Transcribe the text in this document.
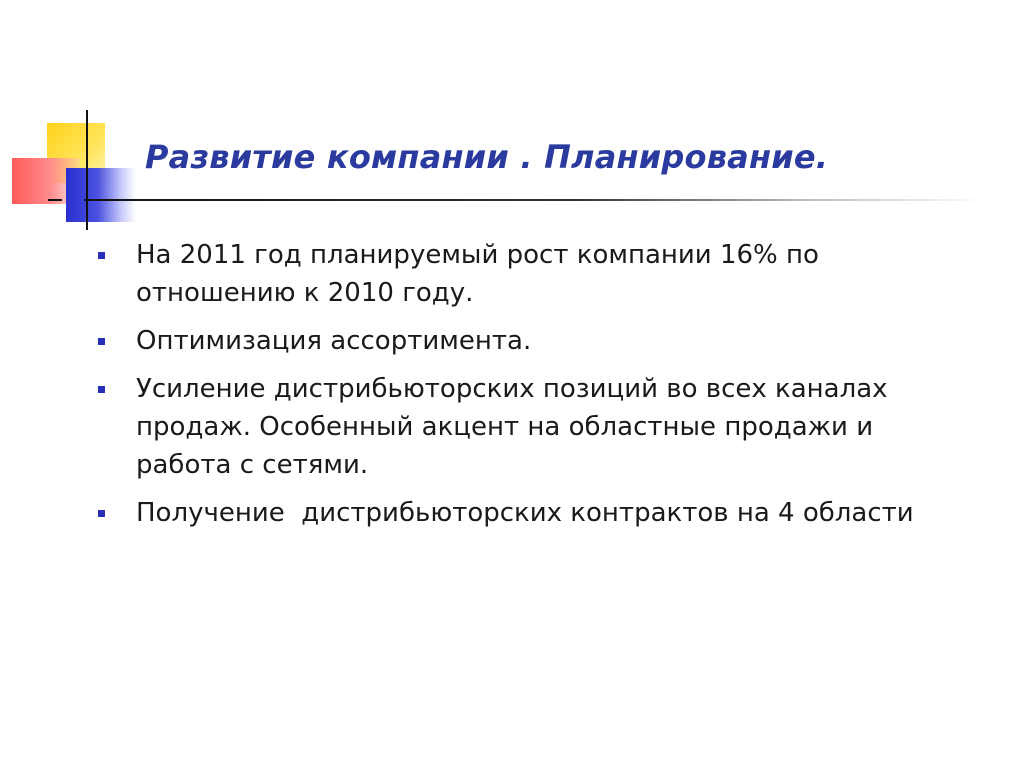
Развитие компании . Планирование.
На 2011 год планируемый рост компании 16% по отношению к 2010 году.
Оптимизация ассортимента.
Усиление дистрибьюторских позиций во всех каналах продаж. Особенный акцент на областные продажи и работа с сетями.
Получение  дистрибьюторских контрактов на 4 области
